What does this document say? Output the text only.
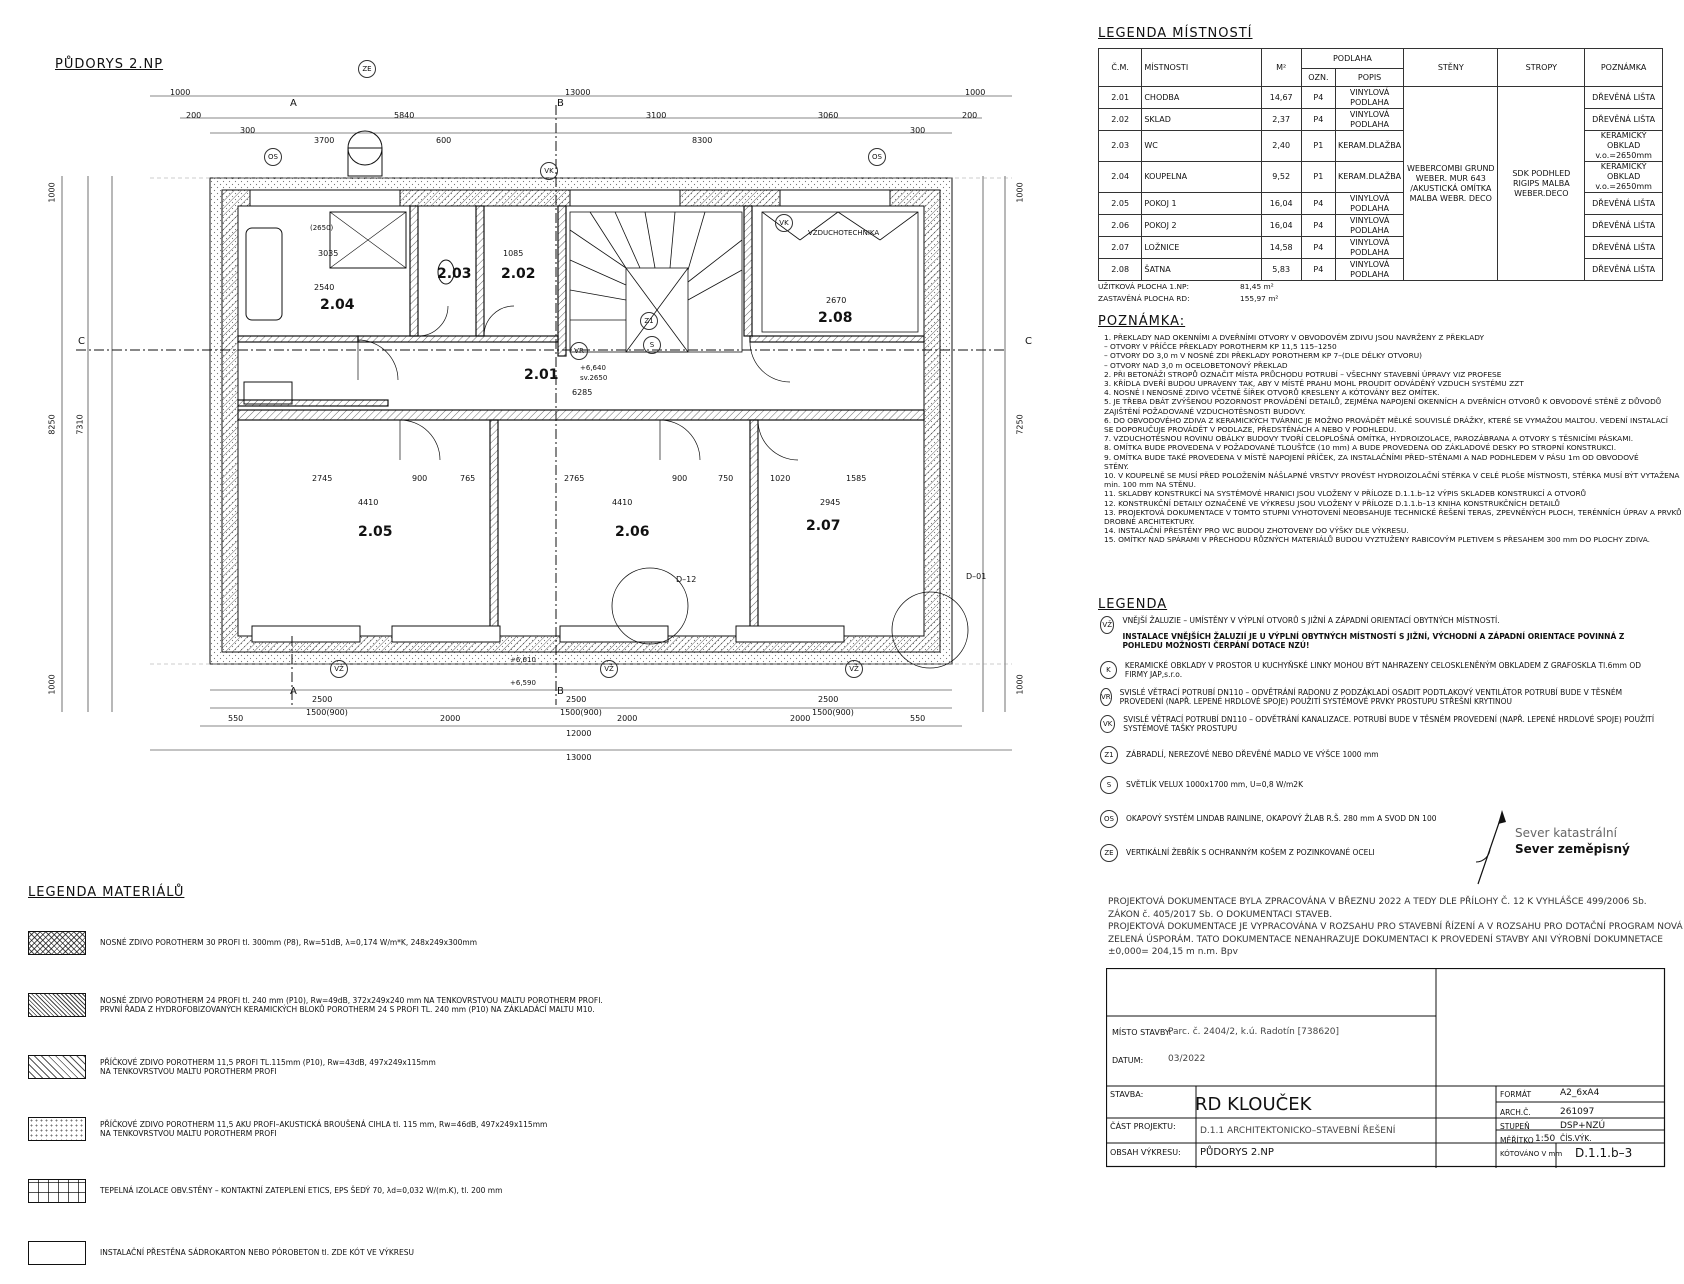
PŮDORYS 2.NP
2.01
2.02
2.03
2.04
2.05	2.06	2.07
2.08
1000	13000	1000
200	5840	3100	3060	200
300
3700	600	8300
300
550	2000	2000	2000	550
2500	2500	2500
1500(900)	1500(900)	1500(900)
12000
13000
8250 7310
1000
1000
7250
1000
1000
2745	900	765	2765	900	750	1020	1585
4410	4410	2945
6285
3035
2540
1085
2670
+6,640
sv.2650
+6,610
+6,590
VZDUCHOTECHNIKA
(2650)
ZE
OS	OS
VK
VK
VR
VŽ	VŽ	VŽ
A
A
B
B
C	C
D–12	D–01
S
Z1
LEGENDA MÍSTNOSTÍ
Č.M.	MÍSTNOSTI	M²	PODLAHA		STĚNY	STROPY	POZNÁMKA
			OZN.	POPIS			
2.01	CHODBA	14,67	P4	VINYLOVÁ PODLAHA	WEBERCOMBI GRUND WEBER. MUR 643 /AKUSTICKÁ OMÍTKA MALBA WEBR. DECO	SDK PODHLED RIGIPS MALBA WEBER.DECO	DŘEVĚNÁ LIŠTA
2.02	SKLAD	2,37	P4	VINYLOVÁ PODLAHA			DŘEVĚNÁ LIŠTA
2.03	WC	2,40	P1	KERAM.DLAŽBA			KERAMICKÝ OBKLAD v.o.=2650mm
2.04	KOUPELNA	9,52	P1	KERAM.DLAŽBA			KERAMICKÝ OBKLAD v.o.=2650mm
2.05	POKOJ 1	16,04	P4	VINYLOVÁ PODLAHA			DŘEVĚNÁ LIŠTA
2.06	POKOJ 2	16,04	P4	VINYLOVÁ PODLAHA			DŘEVĚNÁ LIŠTA
2.07	LOŽNICE	14,58	P4	VINYLOVÁ PODLAHA			DŘEVĚNÁ LIŠTA
2.08	ŠATNA	5,83	P4	VINYLOVÁ PODLAHA			DŘEVĚNÁ LIŠTA
UŽITKOVÁ PLOCHA 1.NP:	81,45 m²
ZASTAVĚNÁ PLOCHA RD:	155,97 m²
POZNÁMKA:
1. PŘEKLADY NAD OKENNÍMI A DVEŘNÍMI OTVORY V OBVODOVÉM ZDIVU JSOU NAVRŽENY Z PŘEKLADY
– OTVORY V PŘÍČCE PŘEKLADY POROTHERM KP 11,5 115–1250
– OTVORY DO 3,0 m V NOSNÉ ZDI PŘEKLADY POROTHERM KP 7–(DLE DÉLKY OTVORU)
– OTVORY NAD 3,0 m OCELOBETONOVÝ PŘEKLAD
2. PŘI BETONÁŽI STROPŮ OZNAČIT MÍSTA PRŮCHODU POTRUBÍ – VŠECHNY STAVEBNÍ ÚPRAVY VIZ PROFESE
3. KŘÍDLA DVEŘÍ BUDOU UPRAVENY TAK, ABY V MÍSTĚ PRAHU MOHL PROUDIT ODVÁDĚNÝ VZDUCH SYSTÉMU ZZT
4. NOSNÉ I NENOSNÉ ZDIVO VČETNĚ ŠÍŘEK OTVORŮ KRESLENY A KÓTOVÁNY BEZ OMÍTEK.
5. JE TŘEBA DBÁT ZVÝŠENOU POZORNOST PROVÁDĚNÍ DETAILŮ, ZEJMÉNA NAPOJENÍ OKENNÍCH A DVEŘNÍCH OTVORŮ K OBVODOVÉ STĚNĚ Z DŮVODŮ
ZAJIŠTĚNÍ POŽADOVANÉ VZDUCHOTĚSNOSTI BUDOVY.
6. DO OBVODOVÉHO ZDIVA Z KERAMICKÝCH TVÁRNIC JE MOŽNO PROVÁDĚT MĚLKÉ SOUVISLÉ DRÁŽKY, KTERÉ SE VYMAŽOU MALTOU. VEDENÍ INSTALACÍ
SE DOPORUČUJE PROVÁDĚT V PODLAZE, PŘEDSTĚNÁCH A NEBO V PODHLEDU.
7. VZDUCHOTĚSNOU ROVINU OBÁLKY BUDOVY TVOŘÍ CELOPLOŠNÁ OMÍTKA, HYDROIZOLACE, PAROZÁBRANA A OTVORY S TĚSNICÍMI PÁSKAMI.
8. OMÍTKA BUDE PROVEDENA V POŽADOVANÉ TLOUŠŤCE (10 mm) A BUDE PROVEDENA OD ZÁKLADOVÉ DESKY PO STROPNÍ KONSTRUKCI.
9. OMÍTKA BUDE TAKÉ PROVEDENA V MÍSTĚ NAPOJENÍ PŘÍČEK, ZA INSTALAČNÍMI PŘED–STĚNAMI A NAD PODHLEDEM V PÁSU 1m OD OBVODOVÉ
STĚNY.
10. V KOUPELNĚ SE MUSÍ PŘED POLOŽENÍM NÁŠLAPNÉ VRSTVY PROVÉST HYDROIZOLAČNÍ STĚRKA V CELÉ PLOŠE MÍSTNOSTI, STĚRKA MUSÍ BÝT VYTAŽENA
min. 100 mm NA STĚNU.
11. SKLADBY KONSTRUKCÍ NA SYSTÉMOVÉ HRANICI JSOU VLOŽENY V PŘÍLOZE D.1.1.b–12 VÝPIS SKLADEB KONSTRUKCÍ A OTVORŮ
12. KONSTRUKČNÍ DETAILY OZNAČENÉ VE VÝKRESU JSOU VLOŽENY V PŘÍLOZE D.1.1.b–13 KNIHA KONSTRUKČNÍCH DETAILŮ
13. PROJEKTOVÁ DOKUMENTACE V TOMTO STUPNI VYHOTOVENÍ NEOBSAHUJE TECHNICKÉ ŘEŠENÍ TERAS, ZPEVNĚNÝCH PLOCH, TERÉNNÍCH ÚPRAV A PRVKŮ
DROBNÉ ARCHITEKTURY.
14. INSTALAČNÍ PŘESTĚNY PRO WC BUDOU ZHOTOVENY DO VÝŠKY DLE VÝKRESU.
15. OMÍTKY NAD SPÁRAMI V PŘECHODU RŮZNÝCH MATERIÁLŮ BUDOU VYZTUŽENY RABICOVÝM PLETIVEM S PŘESAHEM 300 mm DO PLOCHY ZDIVA.
LEGENDA
VŽ	VNĚJŠÍ ŽALUZIE – UMÍSTĚNY V VÝPLNÍ OTVORŮ S JIŽNÍ A ZÁPADNÍ ORIENTACÍ OBYTNÝCH MÍSTNOSTÍ.
INSTALACE VNĚJŠÍCH ŽALUZIÍ JE U VÝPLNÍ OBYTNÝCH MÍSTNOSTÍ S JIŽNÍ, VÝCHODNÍ A ZÁPADNÍ ORIENTACE POVINNÁ Z POHLEDU MOŽNOSTI ČERPÁNÍ DOTACE NZÚ!
K	KERAMICKÉ OBKLADY V PROSTOR U KUCHYŇSKÉ LINKY MOHOU BÝT NAHRAZENY CELOSKLENĚNÝM OBKLADEM Z GRAFOSKLA Tl.6mm OD FIRMY JAP,s.r.o.
VR SVISLÉ VĚTRACÍ POTRUBÍ DN110 – ODVĚTRÁNÍ RADONU Z PODZÁKLADÍ OSADIT PODTLAKOVÝ VENTILÁTOR POTRUBÍ BUDE V TĚSNÉM PROVEDENÍ (NAPŘ. LEPENÉ HRDLOVÉ SPOJE) POUŽITÍ SYSTÉMOVÉ PRVKY PROSTUPU STŘEŠNÍ KRYTINOU
VK	SVISLÉ VĚTRACÍ POTRUBÍ DN110 – ODVĚTRÁNÍ KANALIZACE. POTRUBÍ BUDE V TĚSNÉM PROVEDENÍ (NAPŘ. LEPENÉ HRDLOVÉ SPOJE) POUŽITÍ SYSTÉMOVÉ TAŠKY PROSTUPU
Z1	ZÁBRADLÍ, NEREZOVÉ NEBO DŘEVĚNÉ MADLO VE VÝŠCE 1000 mm
S	SVĚTLÍK VELUX 1000x1700 mm, U=0,8 W/m2K
OS	OKAPOVÝ SYSTÉM LINDAB RAINLINE, OKAPOVÝ ŽLAB R.Š. 280 mm A SVOD DN 100
ZE	VERTIKÁLNÍ ŽEBŘÍK S OCHRANNÝM KOŠEM Z POZINKOVANÉ OCELI
Sever katastrální
Sever zeměpisný
PROJEKTOVÁ DOKUMENTACE BYLA ZPRACOVÁNA V BŘEZNU 2022 A TEDY DLE PŘÍLOHY Č. 12 K VYHLÁŠCE 499/2006 Sb.
ZÁKON č. 405/2017 Sb. O DOKUMENTACI STAVEB.
PROJEKTOVÁ DOKUMENTACE JE VYPRACOVÁNA V ROZSAHU PRO STAVEBNÍ ŘÍZENÍ A V ROZSAHU PRO DOTAČNÍ PROGRAM NOVÁ
ZELENÁ ÚSPORÁM. TATO DOKUMENTACE NENAHRAZUJE DOKUMENTACI K PROVEDENÍ STAVBY ANI VÝROBNÍ DOKUMNETACE
±0,000= 204,15 m n.m. Bpv
MÍSTO STAVBY:
Parc. č. 2404/2, k.ú. Radotín [738620]
DATUM:	03/2022
STAVBA:	RD KLOUČEK
ČÁST PROJEKTU:	D.1.1 ARCHITEKTONICKO–STAVEBNÍ ŘEŠENÍ
OBSAH VÝKRESU: PŮDORYS 2.NP
FORMÁT	A2_6xA4
ARCH.Č.	261097
STUPEŇ	DSP+NZÚ
MĚŘÍTKO 1:50
KÓTOVÁNO V mm
ČÍS.VÝK.
D.1.1.b–3
LEGENDA MATERIÁLŮ
NOSNÉ ZDIVO POROTHERM 30 PROFI tl. 300mm (P8), Rw=51dB, λ=0,174 W/m*K, 248x249x300mm
NOSNÉ ZDIVO POROTHERM 24 PROFI tl. 240 mm (P10), Rw=49dB, 372x249x240 mm NA TENKOVRSTVOU MALTU POROTHERM PROFI.
PRVNÍ ŘADA Z HYDROFOBIZOVANÝCH KERAMICKÝCH BLOKŮ POROTHERM 24 S PROFI TL. 240 mm (P10) NA ZÁKLADÁCÍ MALTU M10.
PŘÍČKOVÉ ZDIVO POROTHERM 11,5 PROFI TL.115mm (P10), Rw=43dB, 497x249x115mm
NA TENKOVRSTVOU MALTU POROTHERM PROFI
PŘÍČKOVÉ ZDIVO POROTHERM 11,5 AKU PROFI–AKUSTICKÁ BROUŠENÁ CIHLA tl. 115 mm, Rw=46dB, 497x249x115mm
NA TENKOVRSTVOU MALTU POROTHERM PROFI
TEPELNÁ IZOLACE OBV.STĚNY – KONTAKTNÍ ZATEPLENÍ ETICS, EPS ŠEDÝ 70, λd=0,032 W/(m.K), tl. 200 mm
INSTALAČNÍ PŘESTĚNA SÁDROKARTON NEBO PÓROBETON tl. ZDE KÓT VE VÝKRESU
